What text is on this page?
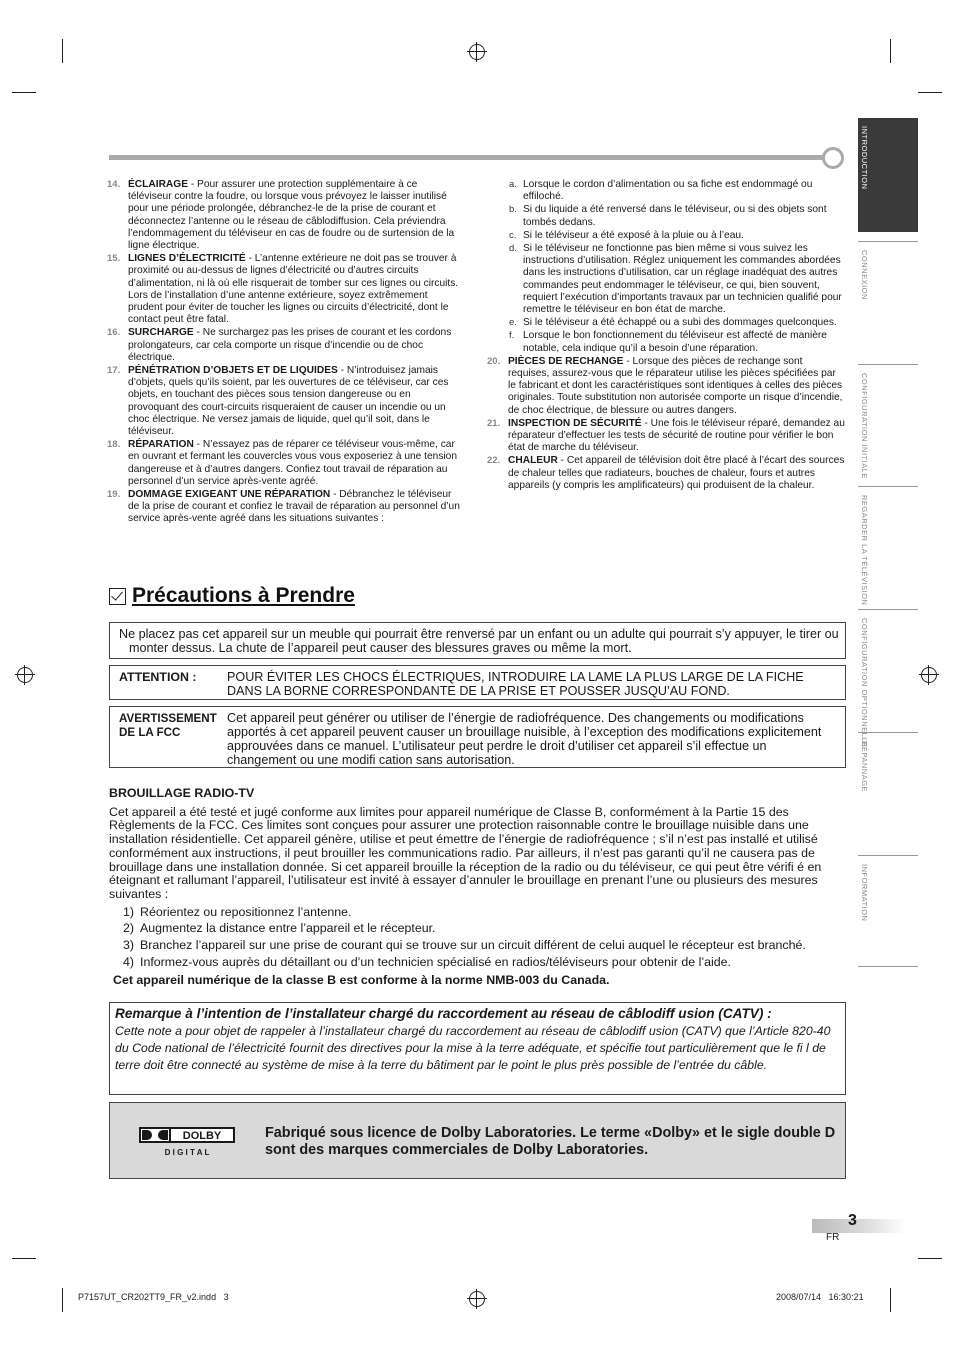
INTRODUCTION
CONNEXION
CONFIGURATION INITIALE
REGARDER LA TÉLÉVISION
CONFIGURATION OPTIONNELLE
DÉPANNAGE
INFORMATION
14. ÉCLAIRAGE - Pour assurer une protection supplémentaire à ce téléviseur contre la foudre, ou lorsque vous prévoyez le laisser inutilisé pour une période prolongée, débranchez-le de la prise de courant et déconnectez l’antenne ou le réseau de câblodiffusion. Cela préviendra l’endommagement du téléviseur en cas de foudre ou de surtension de la ligne électrique.
15. LIGNES D’ÉLECTRICITÉ - L’antenne extérieure ne doit pas se trouver à proximité ou au-dessus de lignes d’électricité ou d’autres circuits d’alimentation, ni là où elle risquerait de tomber sur ces lignes ou circuits. Lors de l’installation d’une antenne extérieure, soyez extrêmement prudent pour éviter de toucher les lignes ou circuits d’électricité, dont le contact peut être fatal.
16. SURCHARGE - Ne surchargez pas les prises de courant et les cordons prolongateurs, car cela comporte un risque d’incendie ou de choc électrique.
17. PÉNÉTRATION D’OBJETS ET DE LIQUIDES - N’introduisez jamais d’objets, quels qu’ils soient, par les ouvertures de ce téléviseur, car ces objets, en touchant des pièces sous tension dangereuse ou en provoquant des court-circuits risqueraient de causer un incendie ou un choc électrique. Ne versez jamais de liquide, quel qu’il soit, dans le téléviseur.
18. RÉPARATION - N’essayez pas de réparer ce téléviseur vous-même, car en ouvrant et fermant les couvercles vous vous exposeriez à une tension dangereuse et à d’autres dangers. Confiez tout travail de réparation au personnel d’un service après-vente agréé.
19. DOMMAGE EXIGEANT UNE RÉPARATION - Débranchez le téléviseur de la prise de courant et confiez le travail de réparation au personnel d’un service après-vente agréé dans les situations suivantes :
a. Lorsque le cordon d’alimentation ou sa fiche est endommagé ou effiloché.
b. Si du liquide a été renversé dans le téléviseur, ou si des objets sont tombés dedans.
c. Si le téléviseur a été exposé à la pluie ou à l’eau.
d. Si le téléviseur ne fonctionne pas bien même si vous suivez les instructions d’utilisation. Réglez uniquement les commandes abordées dans les instructions d’utilisation, car un réglage inadéquat des autres commandes peut endommager le téléviseur, ce qui, bien souvent, requiert l’exécution d’importants travaux par un technicien qualifié pour remettre le téléviseur en bon état de marche.
e. Si le téléviseur a été échappé ou a subi des dommages quelconques.
f. Lorsque le bon fonctionnement du téléviseur est affecté de manière notable, cela indique qu’il a besoin d’une réparation.
20. PIÈCES DE RECHANGE - Lorsque des pièces de rechange sont requises, assurez-vous que le réparateur utilise les pièces spécifiées par le fabricant et dont les caractéristiques sont identiques à celles des pièces originales. Toute substitution non autorisée comporte un risque d’incendie, de choc électrique, de blessure ou autres dangers.
21. INSPECTION DE SÉCURITÉ - Une fois le téléviseur réparé, demandez au réparateur d’effectuer les tests de sécurité de routine pour vérifier le bon état de marche du téléviseur.
22. CHALEUR - Cet appareil de télévision doit être placé à l’écart des sources de chaleur telles que radiateurs, bouches de chaleur, fours et autres appareils (y compris les amplificateurs) qui produisent de la chaleur.
Précautions à Prendre

Ne placez pas cet appareil sur un meuble qui pourrait être renversé par un enfant ou un adulte qui pourrait s’y appuyer, le tirer ou monter dessus. La chute de l’appareil peut causer des blessures graves ou même la mort.

ATTENTION :	POUR ÉVITER LES CHOCS ÉLECTRIQUES, INTRODUIRE LA LAME LA PLUS LARGE DE LA FICHE DANS LA BORNE CORRESPONDANTE DE LA PRISE ET POUSSER JUSQU’AU FOND.
AVERTISSEMENT DE LA FCC
Cet appareil peut générer ou utiliser de l’énergie de radiofréquence. Des changements ou modifications apportés à cet appareil peuvent causer un brouillage nuisible, à l’exception des modifications explicitement approuvées dans ce manuel. L’utilisateur peut perdre le droit d’utiliser cet appareil s’il effectue un changement ou une modifi cation sans autorisation.
BROUILLAGE RADIO-TV

Cet appareil a été testé et jugé conforme aux limites pour appareil numérique de Classe B, conformément à la Partie 15 des Règlements de la FCC. Ces limites sont conçues pour assurer une protection raisonnable contre le brouillage nuisible dans une installation résidentielle. Cet appareil génère, utilise et peut émettre de l’énergie de radiofréquence ; s’il n’est pas installé et utilisé conformément aux instructions, il peut brouiller les communications radio. Par ailleurs, il n’est pas garanti qu’il ne causera pas de brouillage dans une installation donnée. Si cet appareil brouille la réception de la radio ou du téléviseur, ce qui peut être vérifi é en éteignant et rallumant l’appareil, l’utilisateur est invité à essayer d’annuler le brouillage en prenant l’une ou plusieurs des mesures suivantes :

1) Réorientez ou repositionnez l’antenne.
2) Augmentez la distance entre l’appareil et le récepteur.
3) Branchez l’appareil sur une prise de courant qui se trouve sur un circuit différent de celui auquel le récepteur est branché.
4) Informez-vous auprès du détaillant ou d’un technicien spécialisé en radios/téléviseurs pour obtenir de l’aide.

Cet appareil numérique de la classe B est conforme à la norme NMB-003 du Canada.

Remarque à l’intention de l’installateur chargé du raccordement au réseau de câblodiff usion (CATV) :
Cette note a pour objet de rappeler à l’installateur chargé du raccordement au réseau de câblodiff usion (CATV) que l’Article 820-40 du Code national de l’électricité fournit des directives pour la mise à la terre adéquate, et spécifie tout particulièrement que le fi l de terre doit être connecté au système de mise à la terre du bâtiment par le point le plus près possible de l’entrée du câble.
DOLBY
D I G I T A L
Fabriqué sous licence de Dolby Laboratories. Le terme «Dolby» et le sigle double D sont des marques commerciales de Dolby Laboratories.
3
FR
P7157UT_CR202TT9_FR_v2.indd   3	2008/07/14   16:30:21
